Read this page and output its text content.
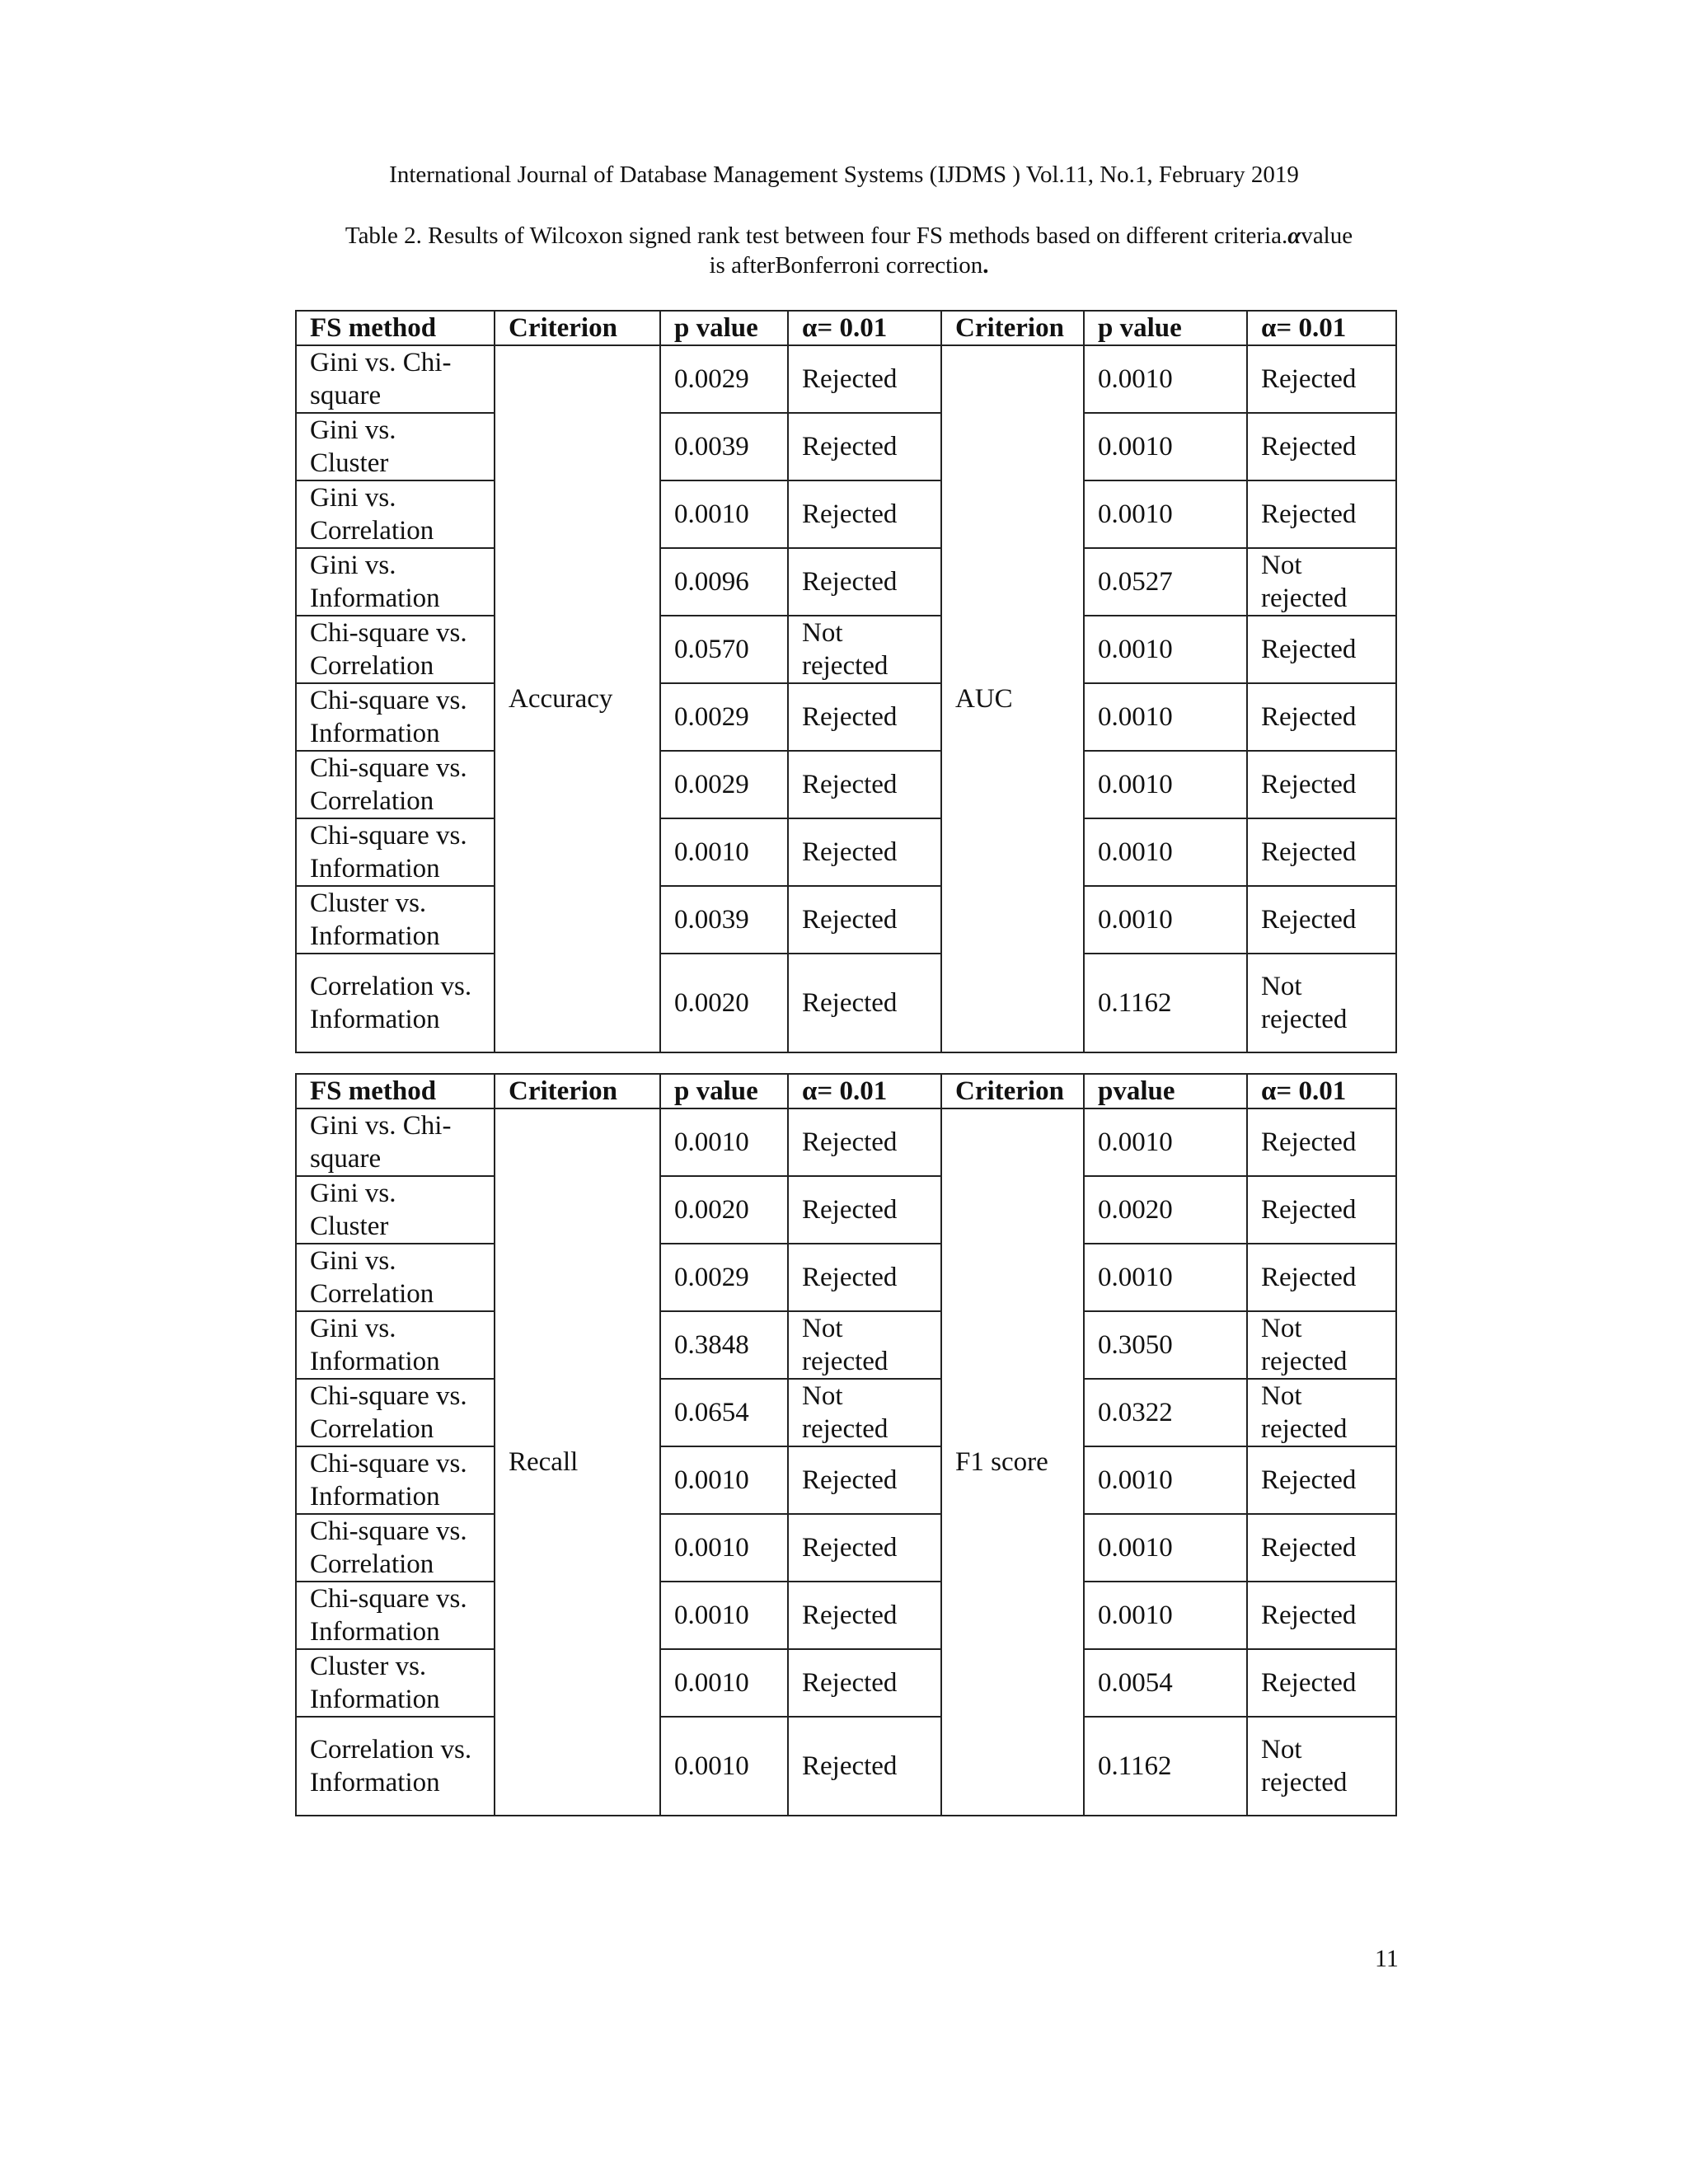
International Journal of Database Management Systems (IJDMS ) Vol.11, No.1, February 2019
Table 2. Results of Wilcoxon signed rank test between four FS methods based on different criteria.αvalue
is afterBonferroni correction.
FS method	Criterion	p value	α= 0.01	Criterion	p value	α= 0.01
Gini vs. Chi-square	Accuracy	0.0029	Rejected	AUC	0.0010	Rejected
Gini vs. Cluster		0.0039	Rejected		0.0010	Rejected
Gini vs. Correlation		0.0010	Rejected		0.0010	Rejected
Gini vs. Information		0.0096	Rejected		0.0527	Not rejected
Chi-square vs. Correlation		0.0570	Not rejected		0.0010	Rejected
Chi-square vs. Information		0.0029	Rejected		0.0010	Rejected
Chi-square vs. Correlation		0.0029	Rejected		0.0010	Rejected
Chi-square vs. Information		0.0010	Rejected		0.0010	Rejected
Cluster vs. Information		0.0039	Rejected		0.0010	Rejected
Correlation vs. Information		0.0020	Rejected		0.1162	Not rejected
FS method	Criterion	p value	α= 0.01	Criterion	pvalue	α= 0.01
Gini vs. Chi-square	Recall	0.0010	Rejected	F1 score	0.0010	Rejected
Gini vs. Cluster		0.0020	Rejected		0.0020	Rejected
Gini vs. Correlation		0.0029	Rejected		0.0010	Rejected
Gini vs. Information		0.3848	Not rejected		0.3050	Not rejected
Chi-square vs. Correlation		0.0654	Not rejected		0.0322	Not rejected
Chi-square vs. Information		0.0010	Rejected		0.0010	Rejected
Chi-square vs. Correlation		0.0010	Rejected		0.0010	Rejected
Chi-square vs. Information		0.0010	Rejected		0.0010	Rejected
Cluster vs. Information		0.0010	Rejected		0.0054	Rejected
Correlation vs. Information		0.0010	Rejected		0.1162	Not rejected
11
